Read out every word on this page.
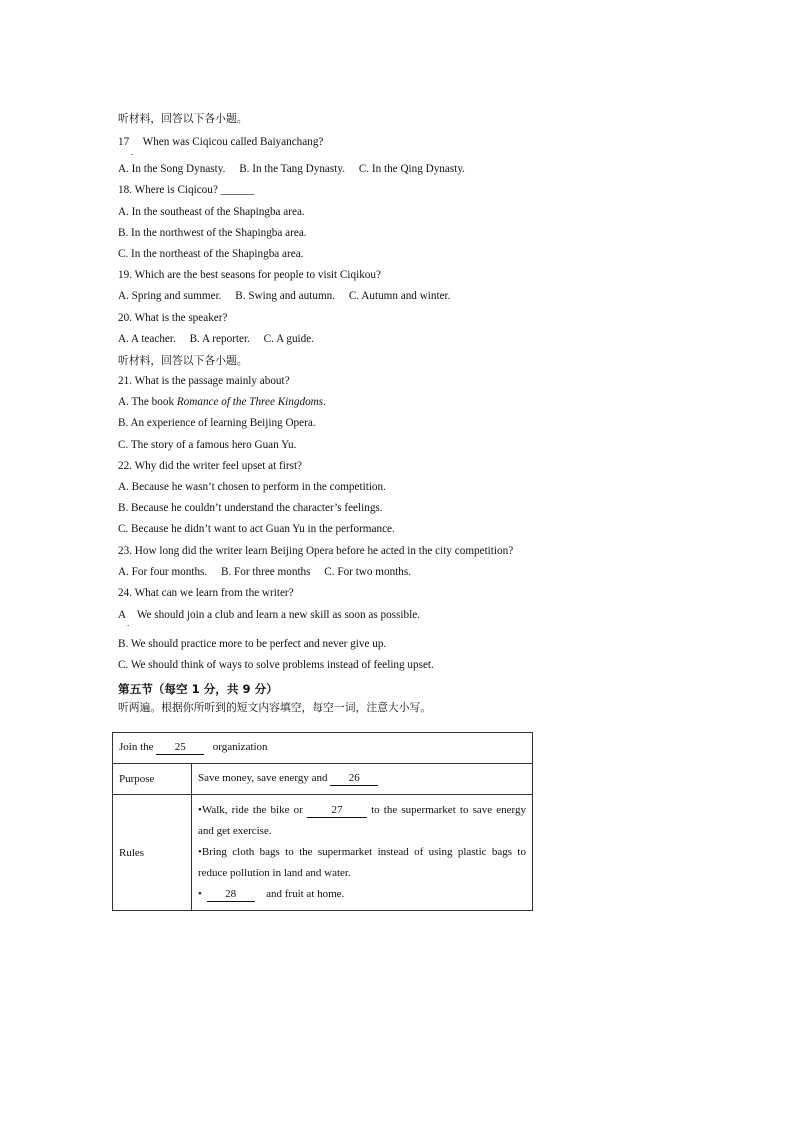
听材料，回答以下各小题。
17 When was Ciqicou called Baiyanchang?
.
A. In the Song Dynasty. B. In the Tang Dynasty. C. In the Qing Dynasty.
18. Where is Ciqicou? ______
A. In the southeast of the Shapingba area.
B. In the northwest of the Shapingba area.
C. In the northeast of the Shapingba area.
19. Which are the best seasons for people to visit Ciqikou?
A. Spring and summer. B. Swing and autumn. C. Autumn and winter.
20. What is the speaker?
A. A teacher. B. A reporter. C. A guide.
听材料，回答以下各小题。
21. What is the passage mainly about?
A. The book Romance of the Three Kingdoms.
B. An experience of learning Beijing Opera.
C. The story of a famous hero Guan Yu.
22. Why did the writer feel upset at first?
A. Because he wasn’t chosen to perform in the competition.
B. Because he couldn’t understand the character’s feelings.
C. Because he didn’t want to act Guan Yu in the performance.
23. How long did the writer learn Beijing Opera before he acted in the city competition?
A. For four months. B. For three months C. For two months.
24. What can we learn from the writer?
A We should join a club and learn a new skill as soon as possible.
.
B. We should practice more to be perfect and never give up.
C. We should think of ways to solve problems instead of feeling upset.
第五节（每空 1 分，共 9 分）
听两遍。根据你所听到的短文内容填空，每空一词，注意大小写。
Join the 25 organization	
Purpose	Save money, save energy and 26
Rules	•Walk, ride the bike or 27 to the supermarket to save energy and get exercise.
•Bring cloth bags to the supermarket instead of using plastic bags to reduce pollution in land and water.
• 28 and fruit at home.
